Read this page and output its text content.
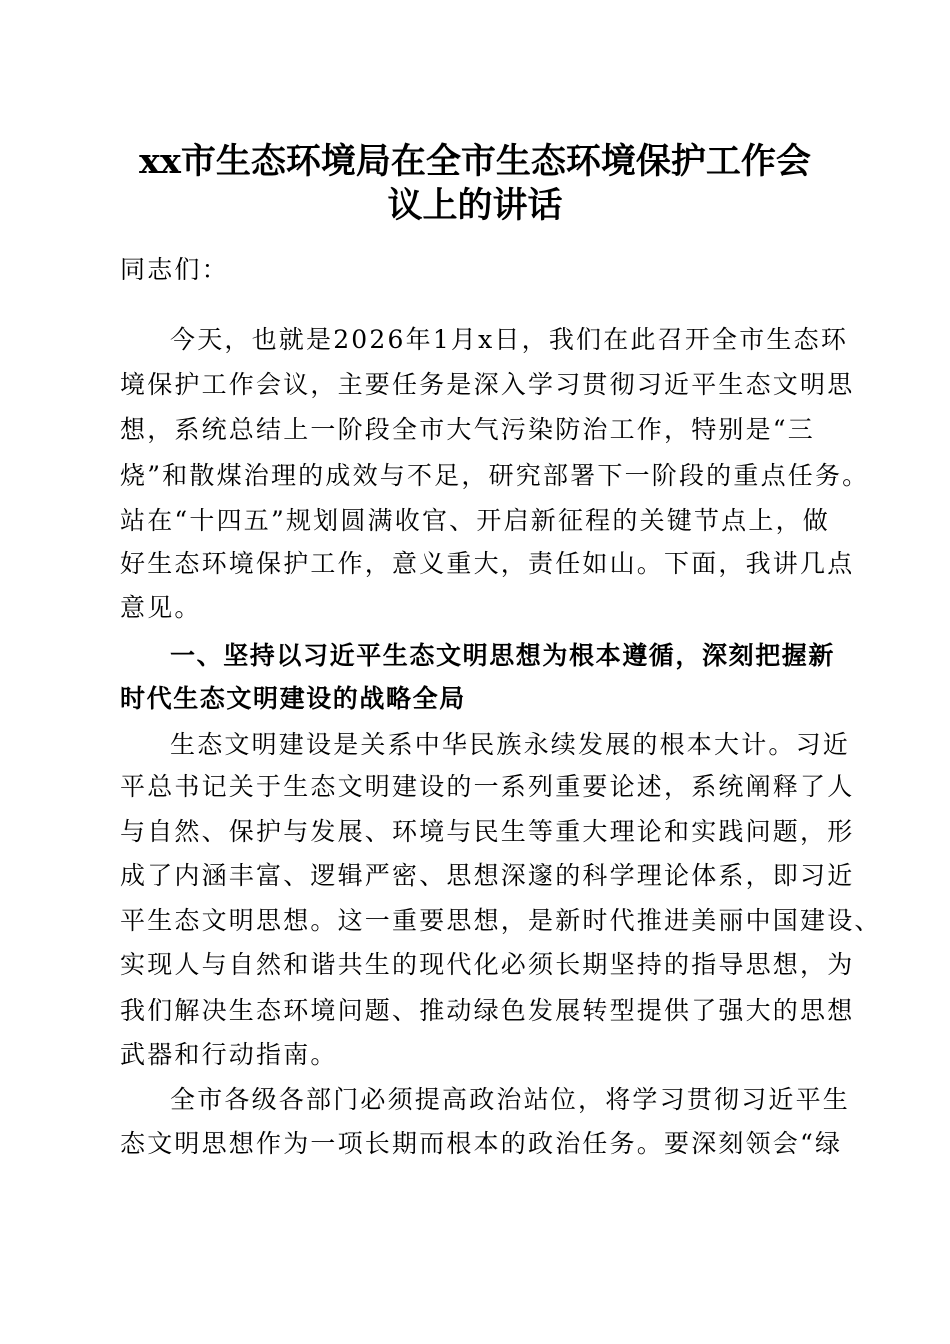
xx市生态环境局在全市生态环境保护工作会
议上的讲话
同志们：
今天，也就是2026年1月x日，我们在此召开全市生态环
境保护工作会议，主要任务是深入学习贯彻习近平生态文明思
想，系统总结上一阶段全市大气污染防治工作，特别是“三
烧”和散煤治理的成效与不足，研究部署下一阶段的重点任务。
站在“十四五”规划圆满收官、开启新征程的关键节点上，做
好生态环境保护工作，意义重大，责任如山。下面，我讲几点
意见。
一、坚持以习近平生态文明思想为根本遵循，深刻把握新
时代生态文明建设的战略全局
生态文明建设是关系中华民族永续发展的根本大计。习近
平总书记关于生态文明建设的一系列重要论述，系统阐释了人
与自然、保护与发展、环境与民生等重大理论和实践问题，形
成了内涵丰富、逻辑严密、思想深邃的科学理论体系，即习近
平生态文明思想。这一重要思想，是新时代推进美丽中国建设、
实现人与自然和谐共生的现代化必须长期坚持的指导思想，为
我们解决生态环境问题、推动绿色发展转型提供了强大的思想
武器和行动指南。
全市各级各部门必须提高政治站位，将学习贯彻习近平生
态文明思想作为一项长期而根本的政治任务。要深刻领会“绿
